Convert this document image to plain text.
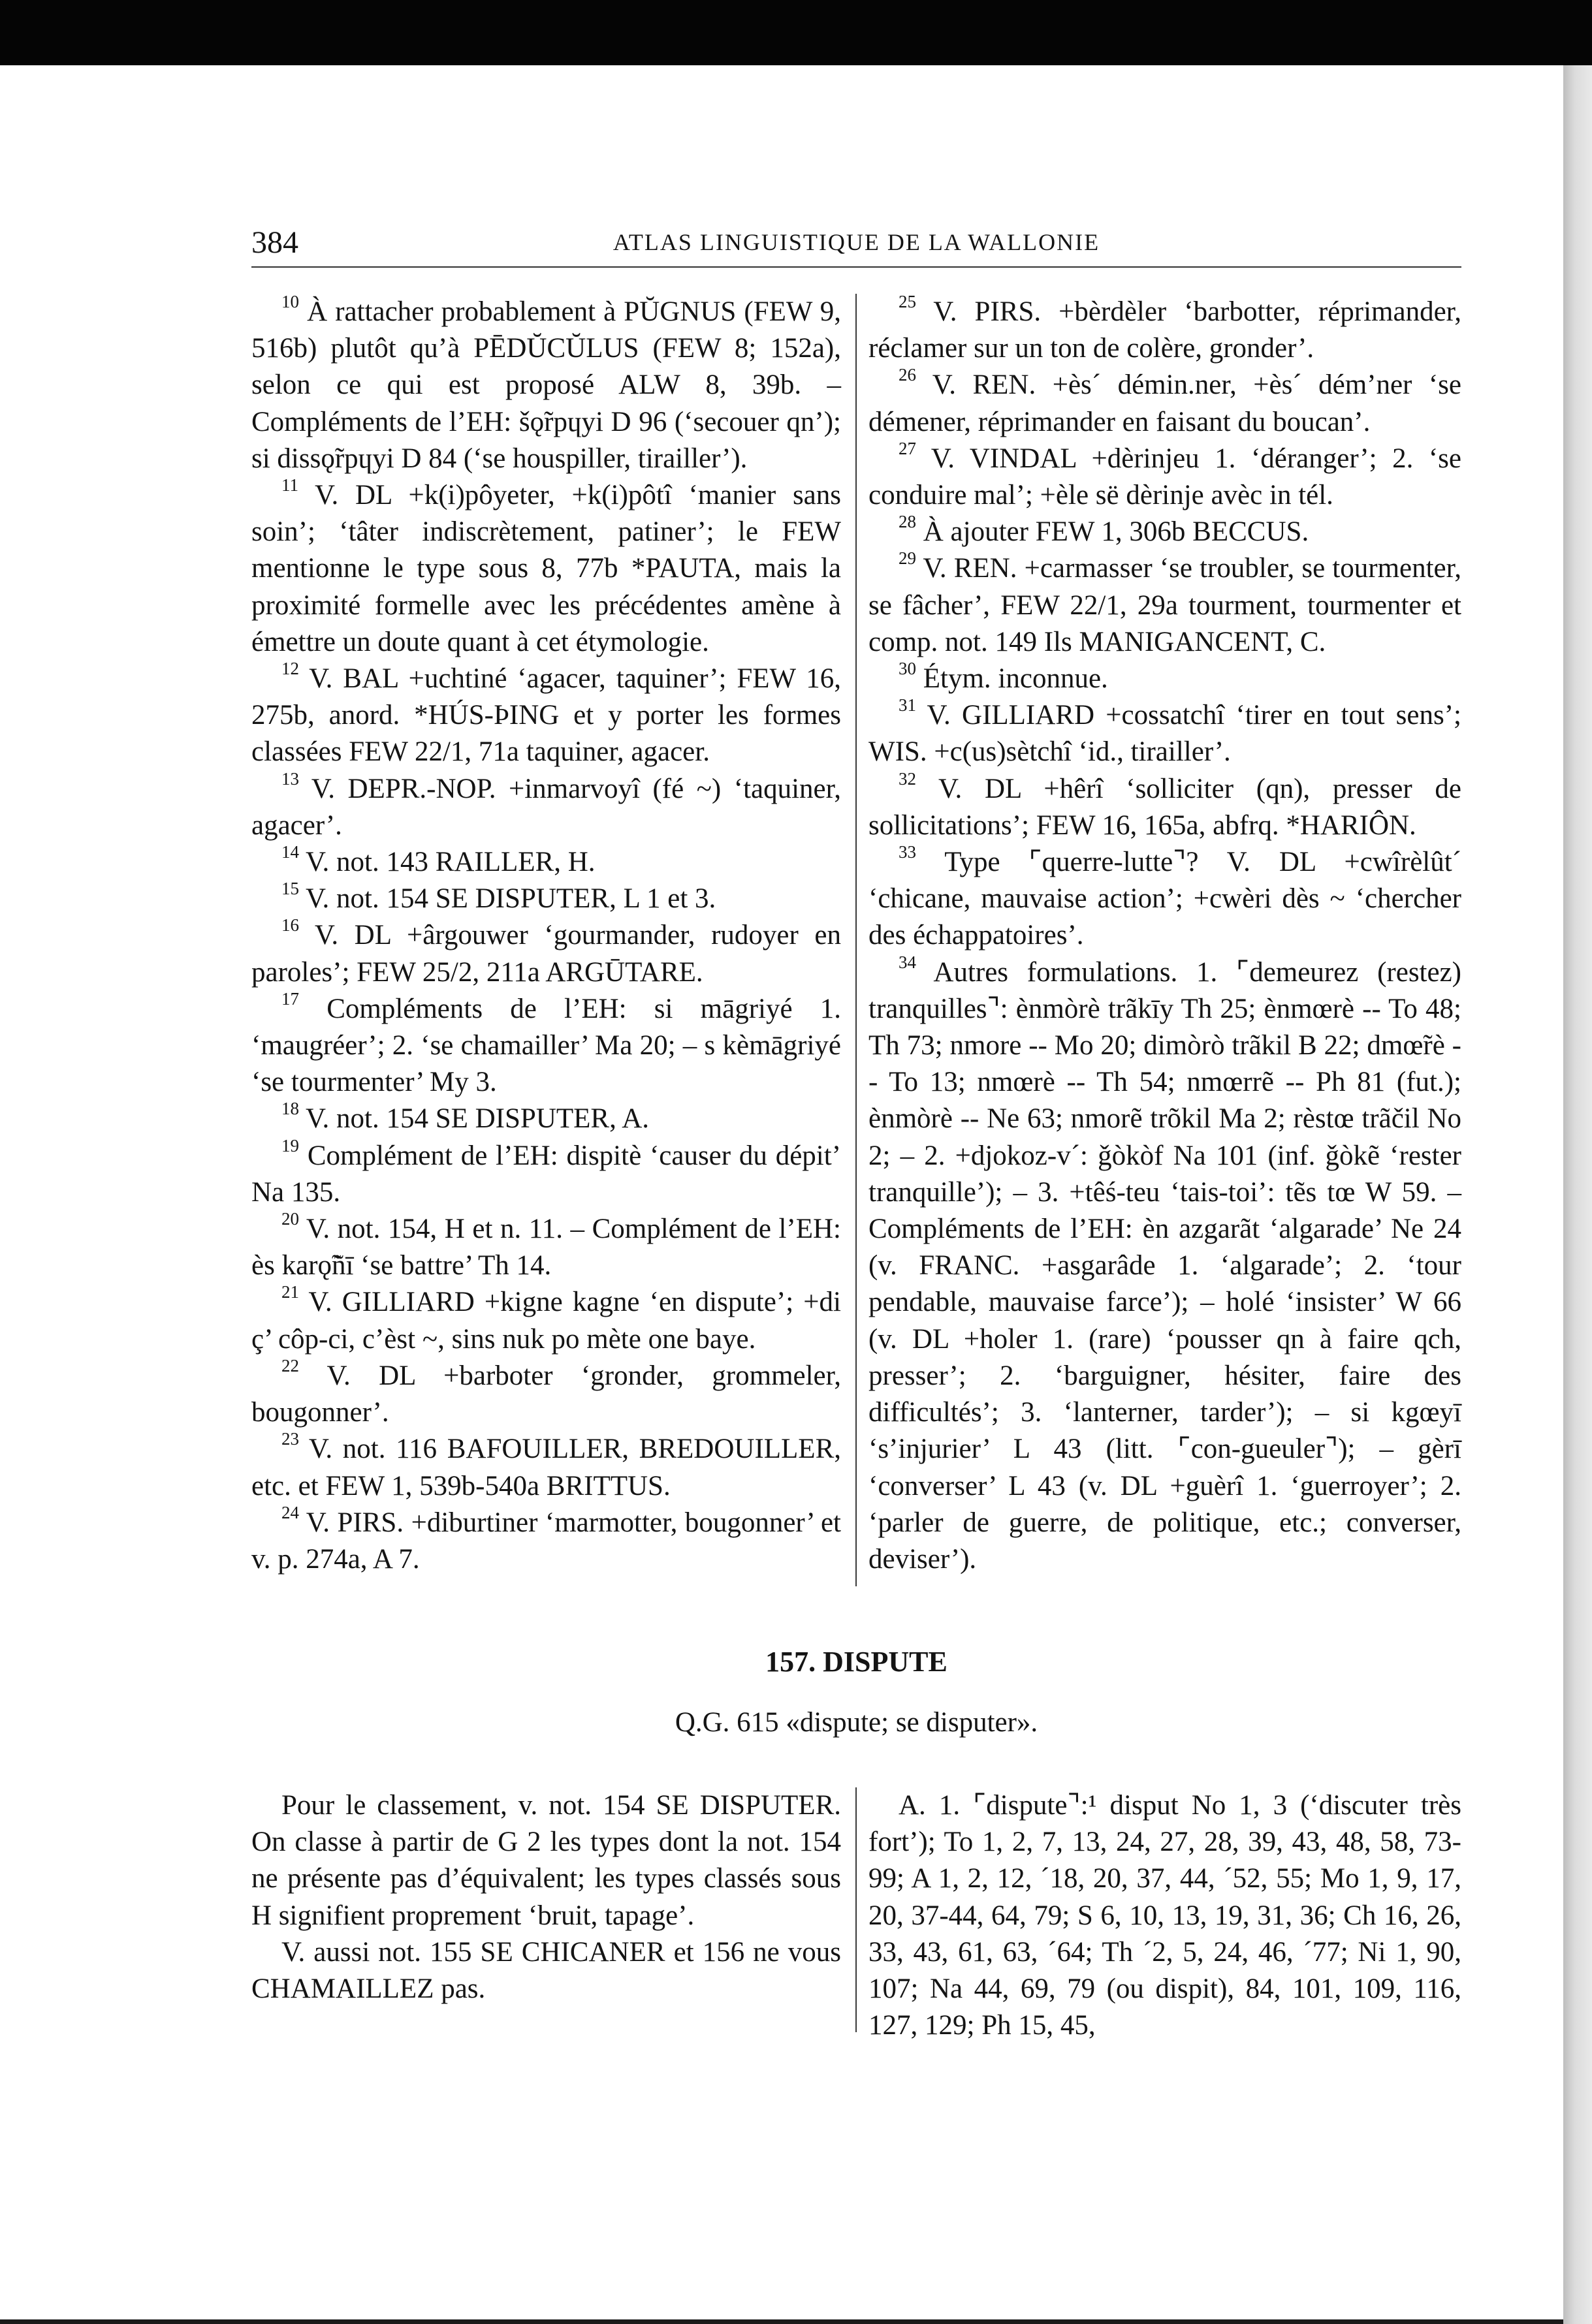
384	ATLAS LINGUISTIQUE DE LA WALLONIE

$^{10}$ À rattacher probablement à PŬGNUS (FEW 9, 516b) plutôt qu’à PĒDŬCŬLUS (FEW 8; 152a), selon ce qui est proposé ALW 8, 39b. – Compléments de l’EH: šǫ̃rpɥyi D 96 (‘secouer qn’); si dissǫ̃rpɥyi D 84 (‘se houspiller, tirailler’).

$^{11}$ V. DL +k(i)pôyeter, +k(i)pôtî ‘manier sans soin’; ‘tâter indiscrètement, patiner’; le FEW mentionne le type sous 8, 77b *PAUTA, mais la proximité formelle avec les précédentes amène à émettre un doute quant à cet étymologie.

$^{12}$ V. BAL +uchtiné ‘agacer, taquiner’; FEW 16, 275b, anord. *HÚS-ÞING et y porter les formes classées FEW 22/1, 71a taquiner, agacer.

$^{13}$ V. DEPR.-NOP. +inmarvoyî (fé ~) ‘taquiner, agacer’.

$^{14}$ V. not. 143 RAILLER, H.

$^{15}$ V. not. 154 SE DISPUTER, L 1 et 3.

$^{16}$ V. DL +ârgouwer ‘gourmander, rudoyer en paroles’; FEW 25/2, 211a ARGŪTARE.

$^{17}$ Compléments de l’EH: si māgriyé 1. ‘maugréer’; 2. ‘se chamailler’ Ma 20; – s kèmāgriyé ‘se tourmenter’ My 3.

$^{18}$ V. not. 154 SE DISPUTER, A.

$^{19}$ Complément de l’EH: dispitè ‘causer du dépit’ Na 135.

$^{20}$ V. not. 154, H et n. 11. – Complément de l’EH: ès karǫ̃ñī ‘se battre’ Th 14.

$^{21}$ V. GILLIARD +kigne kagne ‘en dispute’; +di ç’ côp-ci, c’èst ~, sins nuk po mète one baye.

$^{22}$ V. DL +barboter ‘gronder, grommeler, bougonner’.

$^{23}$ V. not. 116 BAFOUILLER, BREDOUILLER, etc. et FEW 1, 539b-540a BRITTUS.

$^{24}$ V. PIRS. +diburtiner ‘marmotter, bougonner’ et v. p. 274a, A 7.

$^{25}$ V. PIRS. +bèrdèler ‘barbotter, réprimander, réclamer sur un ton de colère, gronder’.

$^{26}$ V. REN. +ès´ démin.ner, +ès´ dém’ner ‘se démener, réprimander en faisant du boucan’.

$^{27}$ V. VINDAL +dèrinjeu 1. ‘déranger’; 2. ‘se conduire mal’; +èle së dèrinje avèc in tél.

$^{28}$ À ajouter FEW 1, 306b BECCUS.

$^{29}$ V. REN. +carmasser ‘se troubler, se tourmenter, se fâcher’, FEW 22/1, 29a tourment, tourmenter et comp. not. 149 Ils MANIGANCENT, C.

$^{30}$ Étym. inconnue.

$^{31}$ V. GILLIARD +cossatchî ‘tirer en tout sens’; WIS. +c(us)sètchî ‘id., tirailler’.

$^{32}$ V. DL +hêrî ‘solliciter (qn), presser de sollicitations’; FEW 16, 165a, abfrq. *HARIÔN.

$^{33}$ Type ⌜querre-lutte⌝? V. DL +cwîrèlût´ ‘chicane, mauvaise action’; +cwèri dès ~ ‘chercher des échappatoires’.

$^{34}$ Autres formulations. 1. ⌜demeurez (restez) tranquilles⌝: ènmòrè trãkīy Th 25; ènmœrè -- To 48; Th 73; nmore -- Mo 20; dimòrò trãkil B 22; dmœ̃rè -- To 13; nmœrè -- Th 54; nmœrrẽ -- Ph 81 (fut.); ènmòrè -- Ne 63; nmorẽ trõkil Ma 2; rèstœ trãčil No 2; – 2. +djokoz-v´: ǧòkòf Na 101 (inf. ǧòkẽ ‘rester tranquille’); – 3. +têś-teu ‘tais-toi’: tẽs tœ W 59. – Compléments de l’EH: èn azgarãt ‘algarade’ Ne 24 (v. FRANC. +asgarâde 1. ‘algarade’; 2. ‘tour pendable, mauvaise farce’); – holé ‘insister’ W 66 (v. DL +holer 1. (rare) ‘pousser qn à faire qch, presser’; 2. ‘barguigner, hésiter, faire des difficultés’; 3. ‘lanterner, tarder’); – si kgœyī ‘s’injurier’ L 43 (litt. ⌜con-gueuler⌝); – gèrī ‘converser’ L 43 (v. DL +guèrî 1. ‘guerroyer’; 2. ‘parler de guerre, de politique, etc.; converser, deviser’).

157. DISPUTE
Q.G. 615 «dispute; se disputer».

Pour le classement, v. not. 154 SE DISPUTER. On classe à partir de G 2 les types dont la not. 154 ne présente pas d’équivalent; les types classés sous H signifient proprement ‘bruit, tapage’.

V. aussi not. 155 SE CHICANER et 156 ne vous CHAMAILLEZ pas.

A. 1. ⌜dispute⌝:¹ disput No 1, 3 (‘discuter très fort’); To 1, 2, 7, 13, 24, 27, 28, 39, 43, 48, 58, 73-99; A 1, 2, 12, ´18, 20, 37, 44, ´52, 55; Mo 1, 9, 17, 20, 37-44, 64, 79; S 6, 10, 13, 19, 31, 36; Ch 16, 26, 33, 43, 61, 63, ´64; Th ´2, 5, 24, 46, ´77; Ni 1, 90, 107; Na 44, 69, 79 (ou dispit), 84, 101, 109, 116, 127, 129; Ph 15, 45,
